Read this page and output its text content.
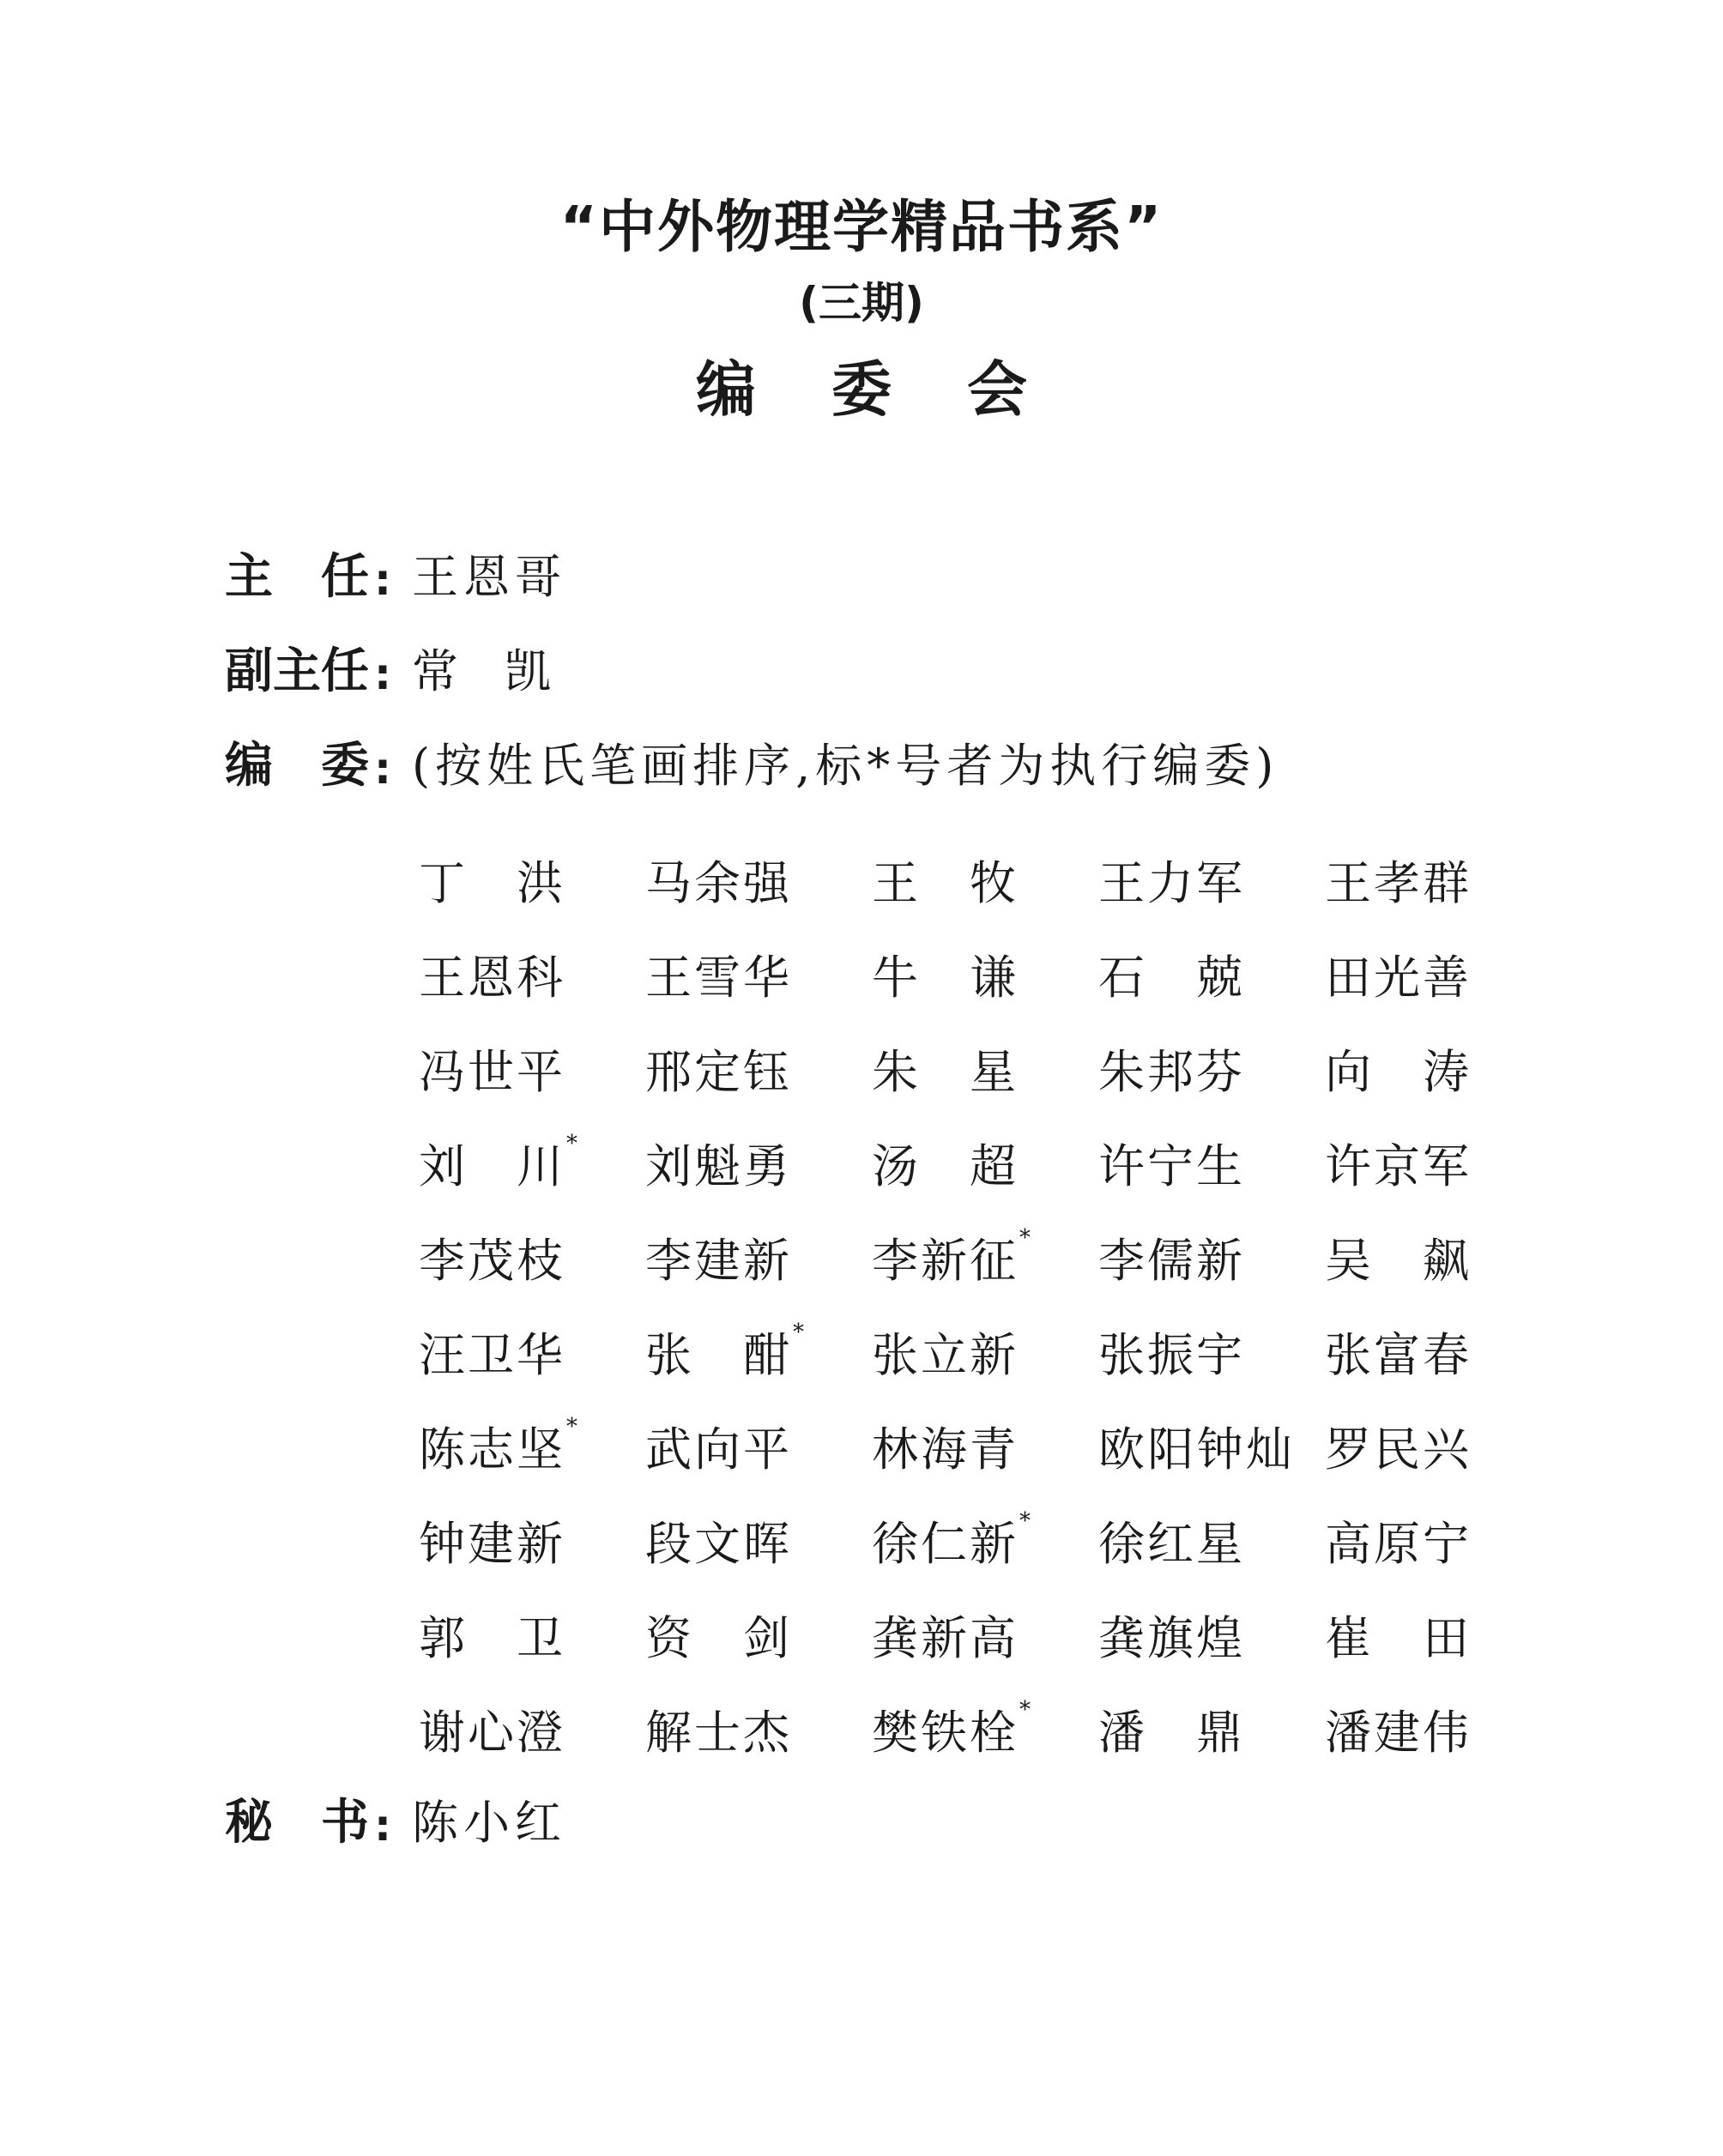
“中外物理学精品书系”
(三期)
编委会
主 任 : 王恩哥
副 主 任 : 常 凯
编 委 : (按姓氏笔画排序,标*号者为执行编委)
丁 洪 马 余 强 王 牧 王 力 军 王 孝 群
王 恩 科 王 雪 华 牛 谦 石 兢 田 光 善
冯 世 平 邢 定 钰 朱 星 朱 邦 芬 向 涛
刘 川 * 刘 魁 勇 汤 超 许 宁 生 许 京 军
李 茂 枝 李 建 新 李 新 征 * 李 儒 新 吴 飙
汪 卫 华 张 酣 * 张 立 新 张 振 宇 张 富 春
陈 志 坚 * 武 向 平 林 海 青 欧 阳 钟 灿 罗 民 兴
钟 建 新 段 文 晖 徐 仁 新 * 徐 红 星 高 原 宁
郭 卫 资 剑 龚 新 高 龚 旗 煌 崔 田
谢 心 澄 解 士 杰 樊 铁 栓 * 潘 鼎 潘 建 伟
秘 书 : 陈小红
